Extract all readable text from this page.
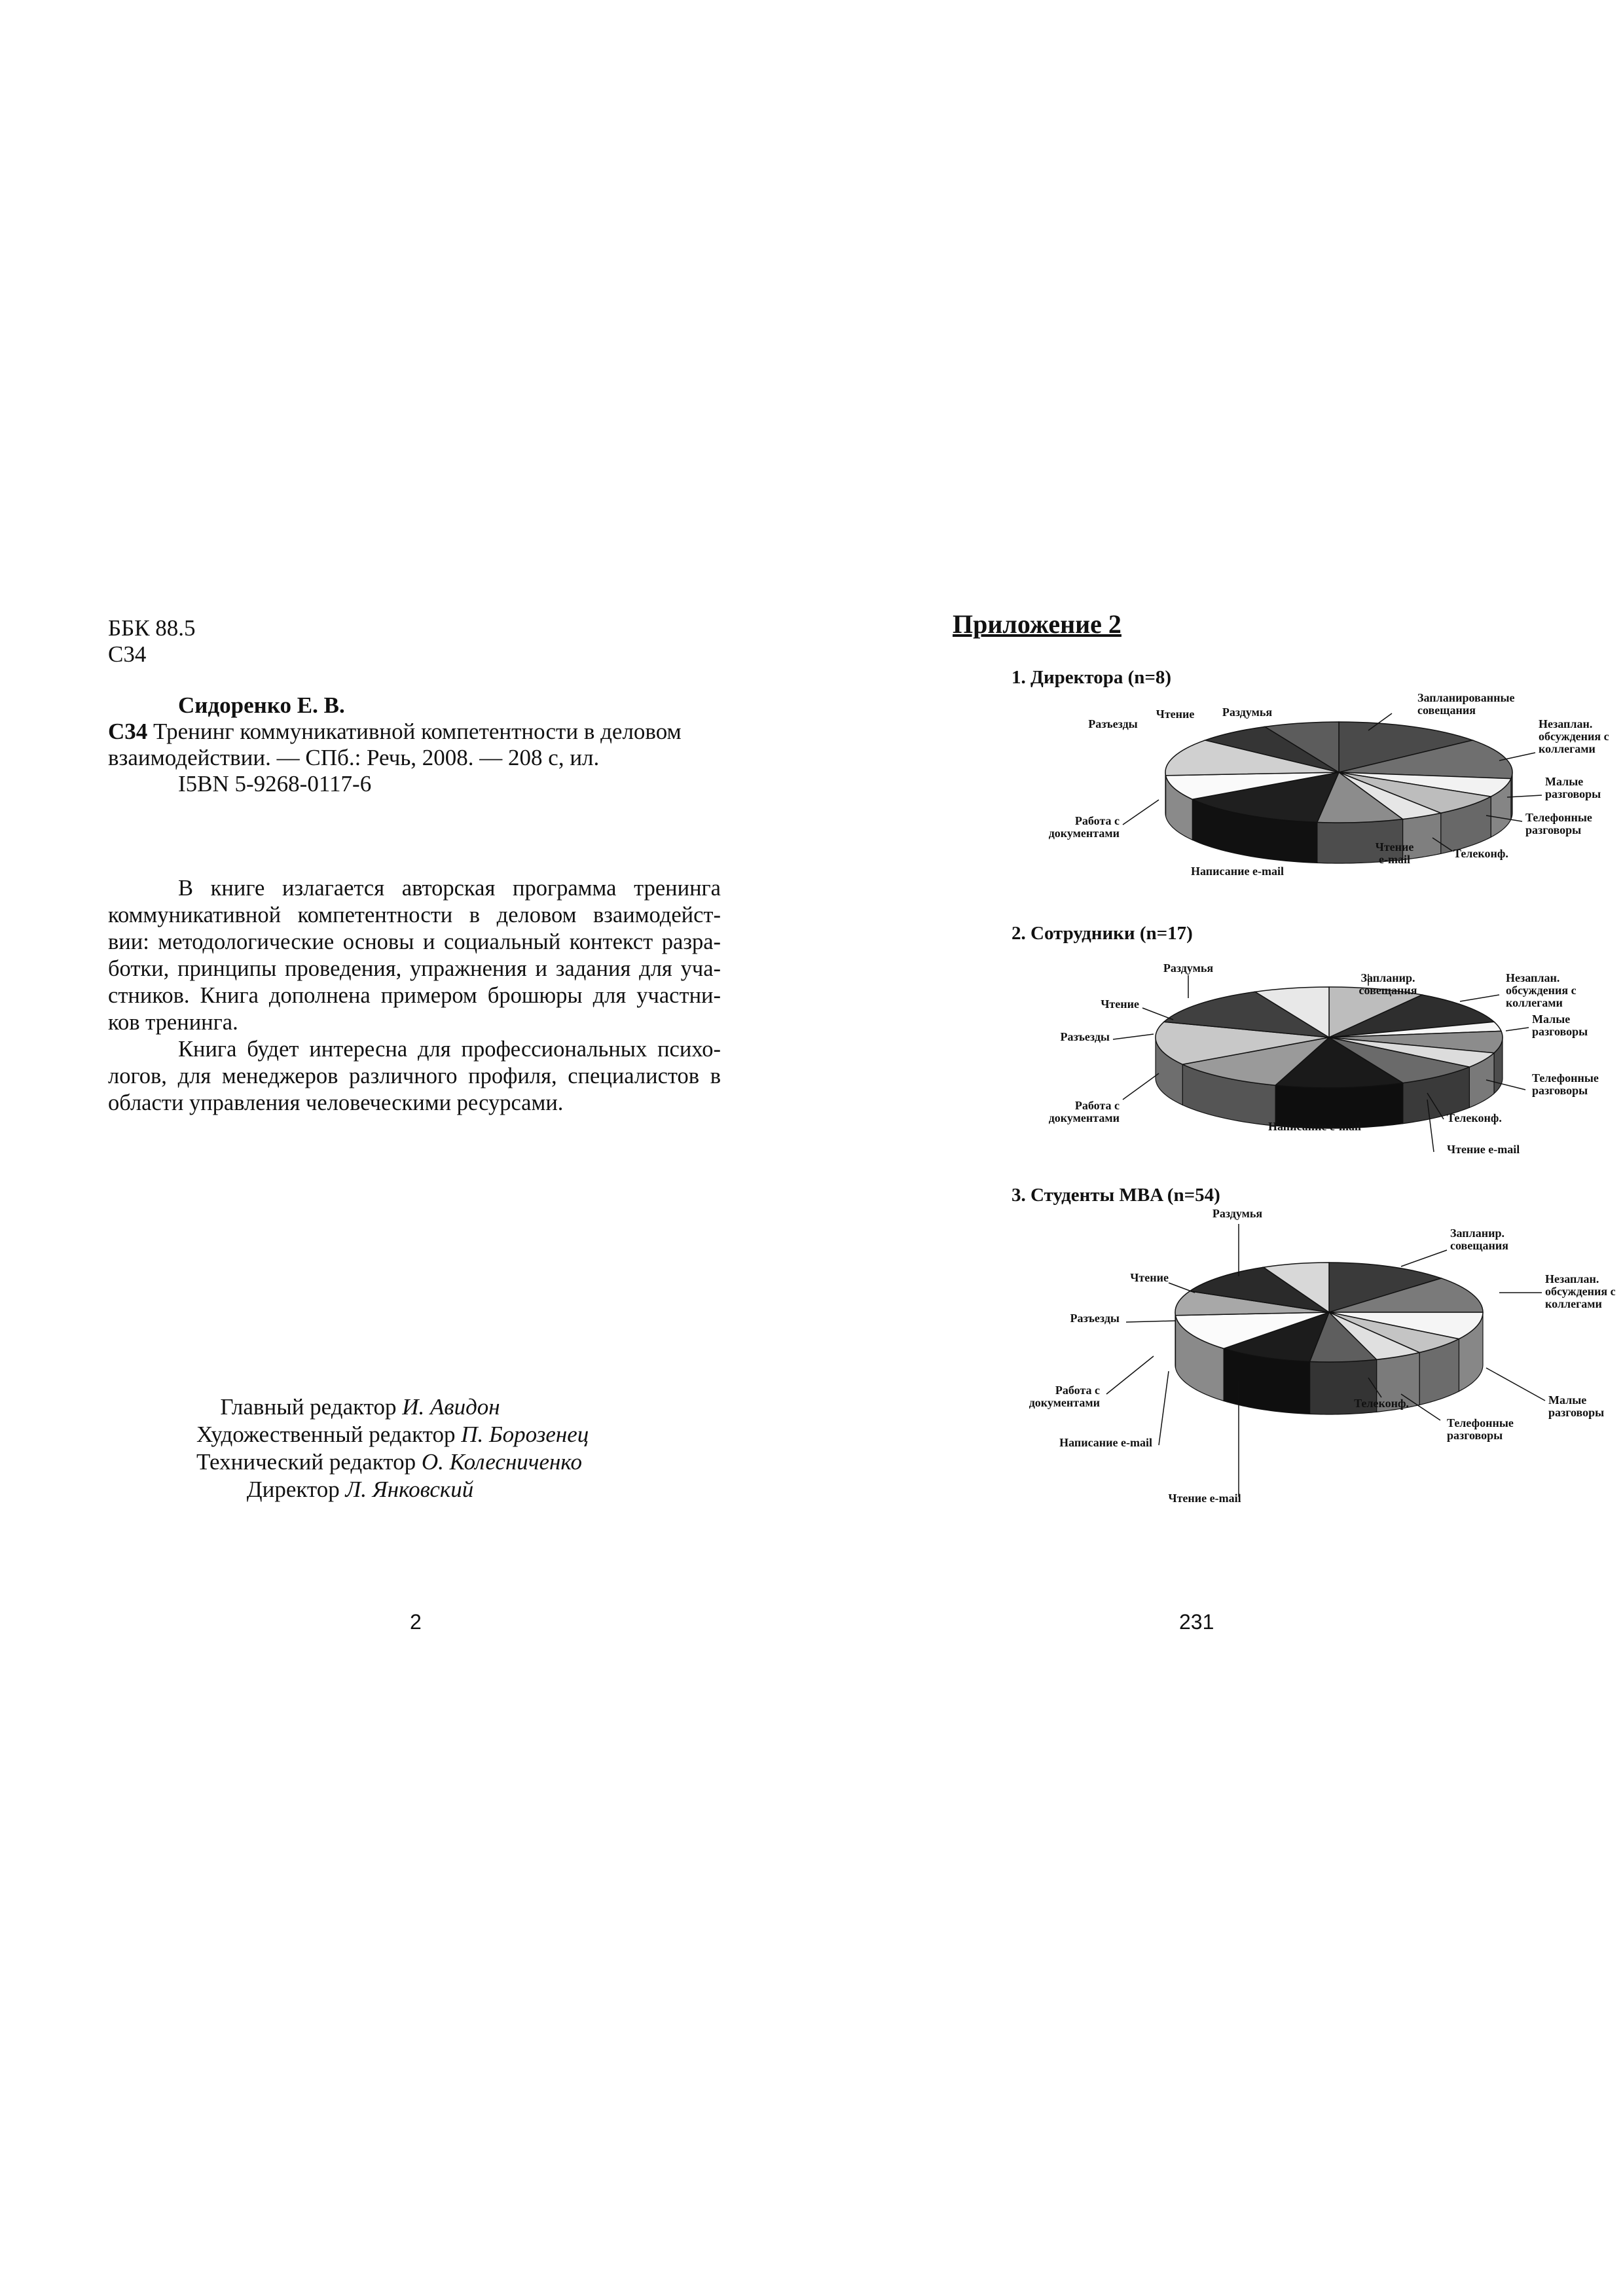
ББК 88.5
С34
Сидоренко Е. В.
С34 Тренинг коммуникативной компетентности в деловом
взаимодействии. — СПб.: Речь, 2008. — 208 с, ил.
I5BN 5-9268-0117-6
В книге излагается авторская программа тренинга
коммуникативной компетентности в деловом взаимодейст-
вии: методологические основы и социальный контекст разра-
ботки, принципы проведения, упражнения и задания для уча-
стников. Книга дополнена примером брошюры для участни-
ков тренинга.
Книга будет интересна для профессиональных психо-
логов, для менеджеров различного профиля, специалистов в
области управления человеческими ресурсами.
Главный редактор И. Авидон
Художественный редактор П. Борозенец
Технический редактор О. Колесниченко
Директор Л. Янковский
2
Приложение 2
1. Директора (n=8)
Запланированные совещания
Незаплан. обсуждения с коллегами
Малые разговоры
Телефонные разговоры
Телеконф.
Чтение e-mail
Написание e-mail
Работа с документами
Разъезды
Чтение Раздумья
2. Сотрудники (n=17)
Запланир. совещания
Незаплан. обсуждения с коллегами
Малые разговоры
Телефонные разговоры
Телеконф.
Чтение e-mail
Написание e-mail
Работа с документами
Разъезды
Чтение
Раздумья
3. Студенты MBA (n=54)
Запланир. совещания
Незаплан. обсуждения с коллегами
Малые разговоры
Телефонные разговоры
Телеконф.
Чтение e-mail
Написание e-mail
Работа с документами
Разъезды
Чтение
Раздумья
231
